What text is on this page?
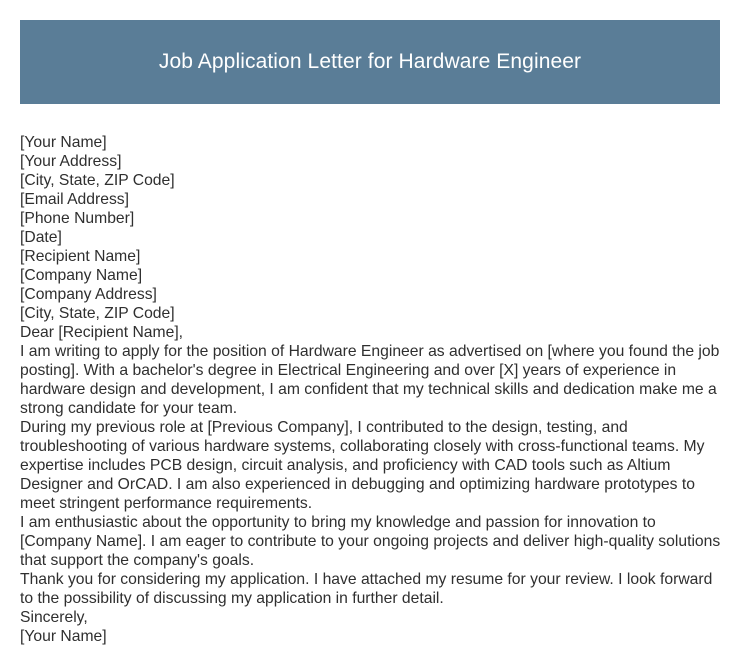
Job Application Letter for Hardware Engineer
[Your Name]
[Your Address]
[City, State, ZIP Code]
[Email Address]
[Phone Number]
[Date]
[Recipient Name]
[Company Name]
[Company Address]
[City, State, ZIP Code]
Dear [Recipient Name],

I am writing to apply for the position of Hardware Engineer as advertised on [where you found the job posting]. With a bachelor's degree in Electrical Engineering and over [X] years of experience in hardware design and development, I am confident that my technical skills and dedication make me a strong candidate for your team.

During my previous role at [Previous Company], I contributed to the design, testing, and troubleshooting of various hardware systems, collaborating closely with cross-functional teams. My expertise includes PCB design, circuit analysis, and proficiency with CAD tools such as Altium Designer and OrCAD. I am also experienced in debugging and optimizing hardware prototypes to meet stringent performance requirements.

I am enthusiastic about the opportunity to bring my knowledge and passion for innovation to [Company Name]. I am eager to contribute to your ongoing projects and deliver high-quality solutions that support the company's goals.

Thank you for considering my application. I have attached my resume for your review. I look forward to the possibility of discussing my application in further detail.

Sincerely,
[Your Name]
